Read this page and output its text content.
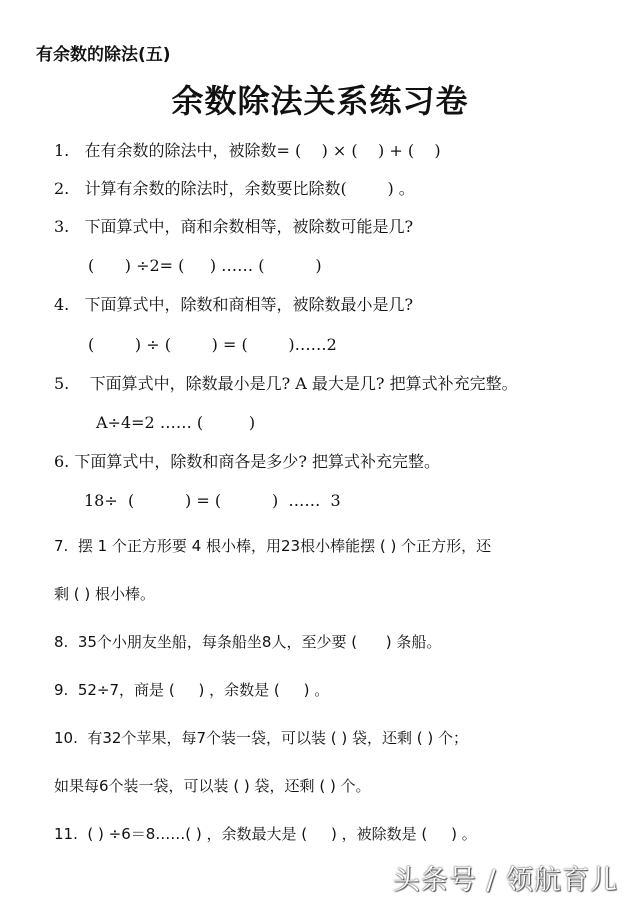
有余数的除法(五)
余数除法关系练习卷
1.   在有余数的除法中，被除数= (    ) × (    ) + (    )
2.   计算有余数的除法时，余数要比除数(        ) 。
3.   下面算式中，商和余数相等，被除数可能是几?
(      ) ÷2= (     ) …… (          )
4.   下面算式中，除数和商相等，被除数最小是几?
(        ) ÷ (        ) = (        )……2
5.    下面算式中，除数最小是几? A 最大是几? 把算式补充完整。
A÷4=2 …… (         )
6. 下面算式中，除数和商各是多少? 把算式补充完整。
18÷  (          ) = (          )  ……  3
7.  摆 1 个正方形要 4 根小棒，用23根小棒能摆 ( ) 个正方形，还
剩 ( ) 根小棒。
8.  35个小朋友坐船，每条船坐8人，至少要 (      ) 条船。
9.  52÷7，商是 (     ) ，余数是 (     ) 。
10.  有32个苹果，每7个装一袋，可以装 ( ) 袋，还剩 ( ) 个；
如果每6个装一袋，可以装 ( ) 袋，还剩 ( ) 个。
11.  ( ) ÷6＝8……( ) ，余数最大是 (     ) ，被除数是 (     ) 。
头条号 / 领航育儿
